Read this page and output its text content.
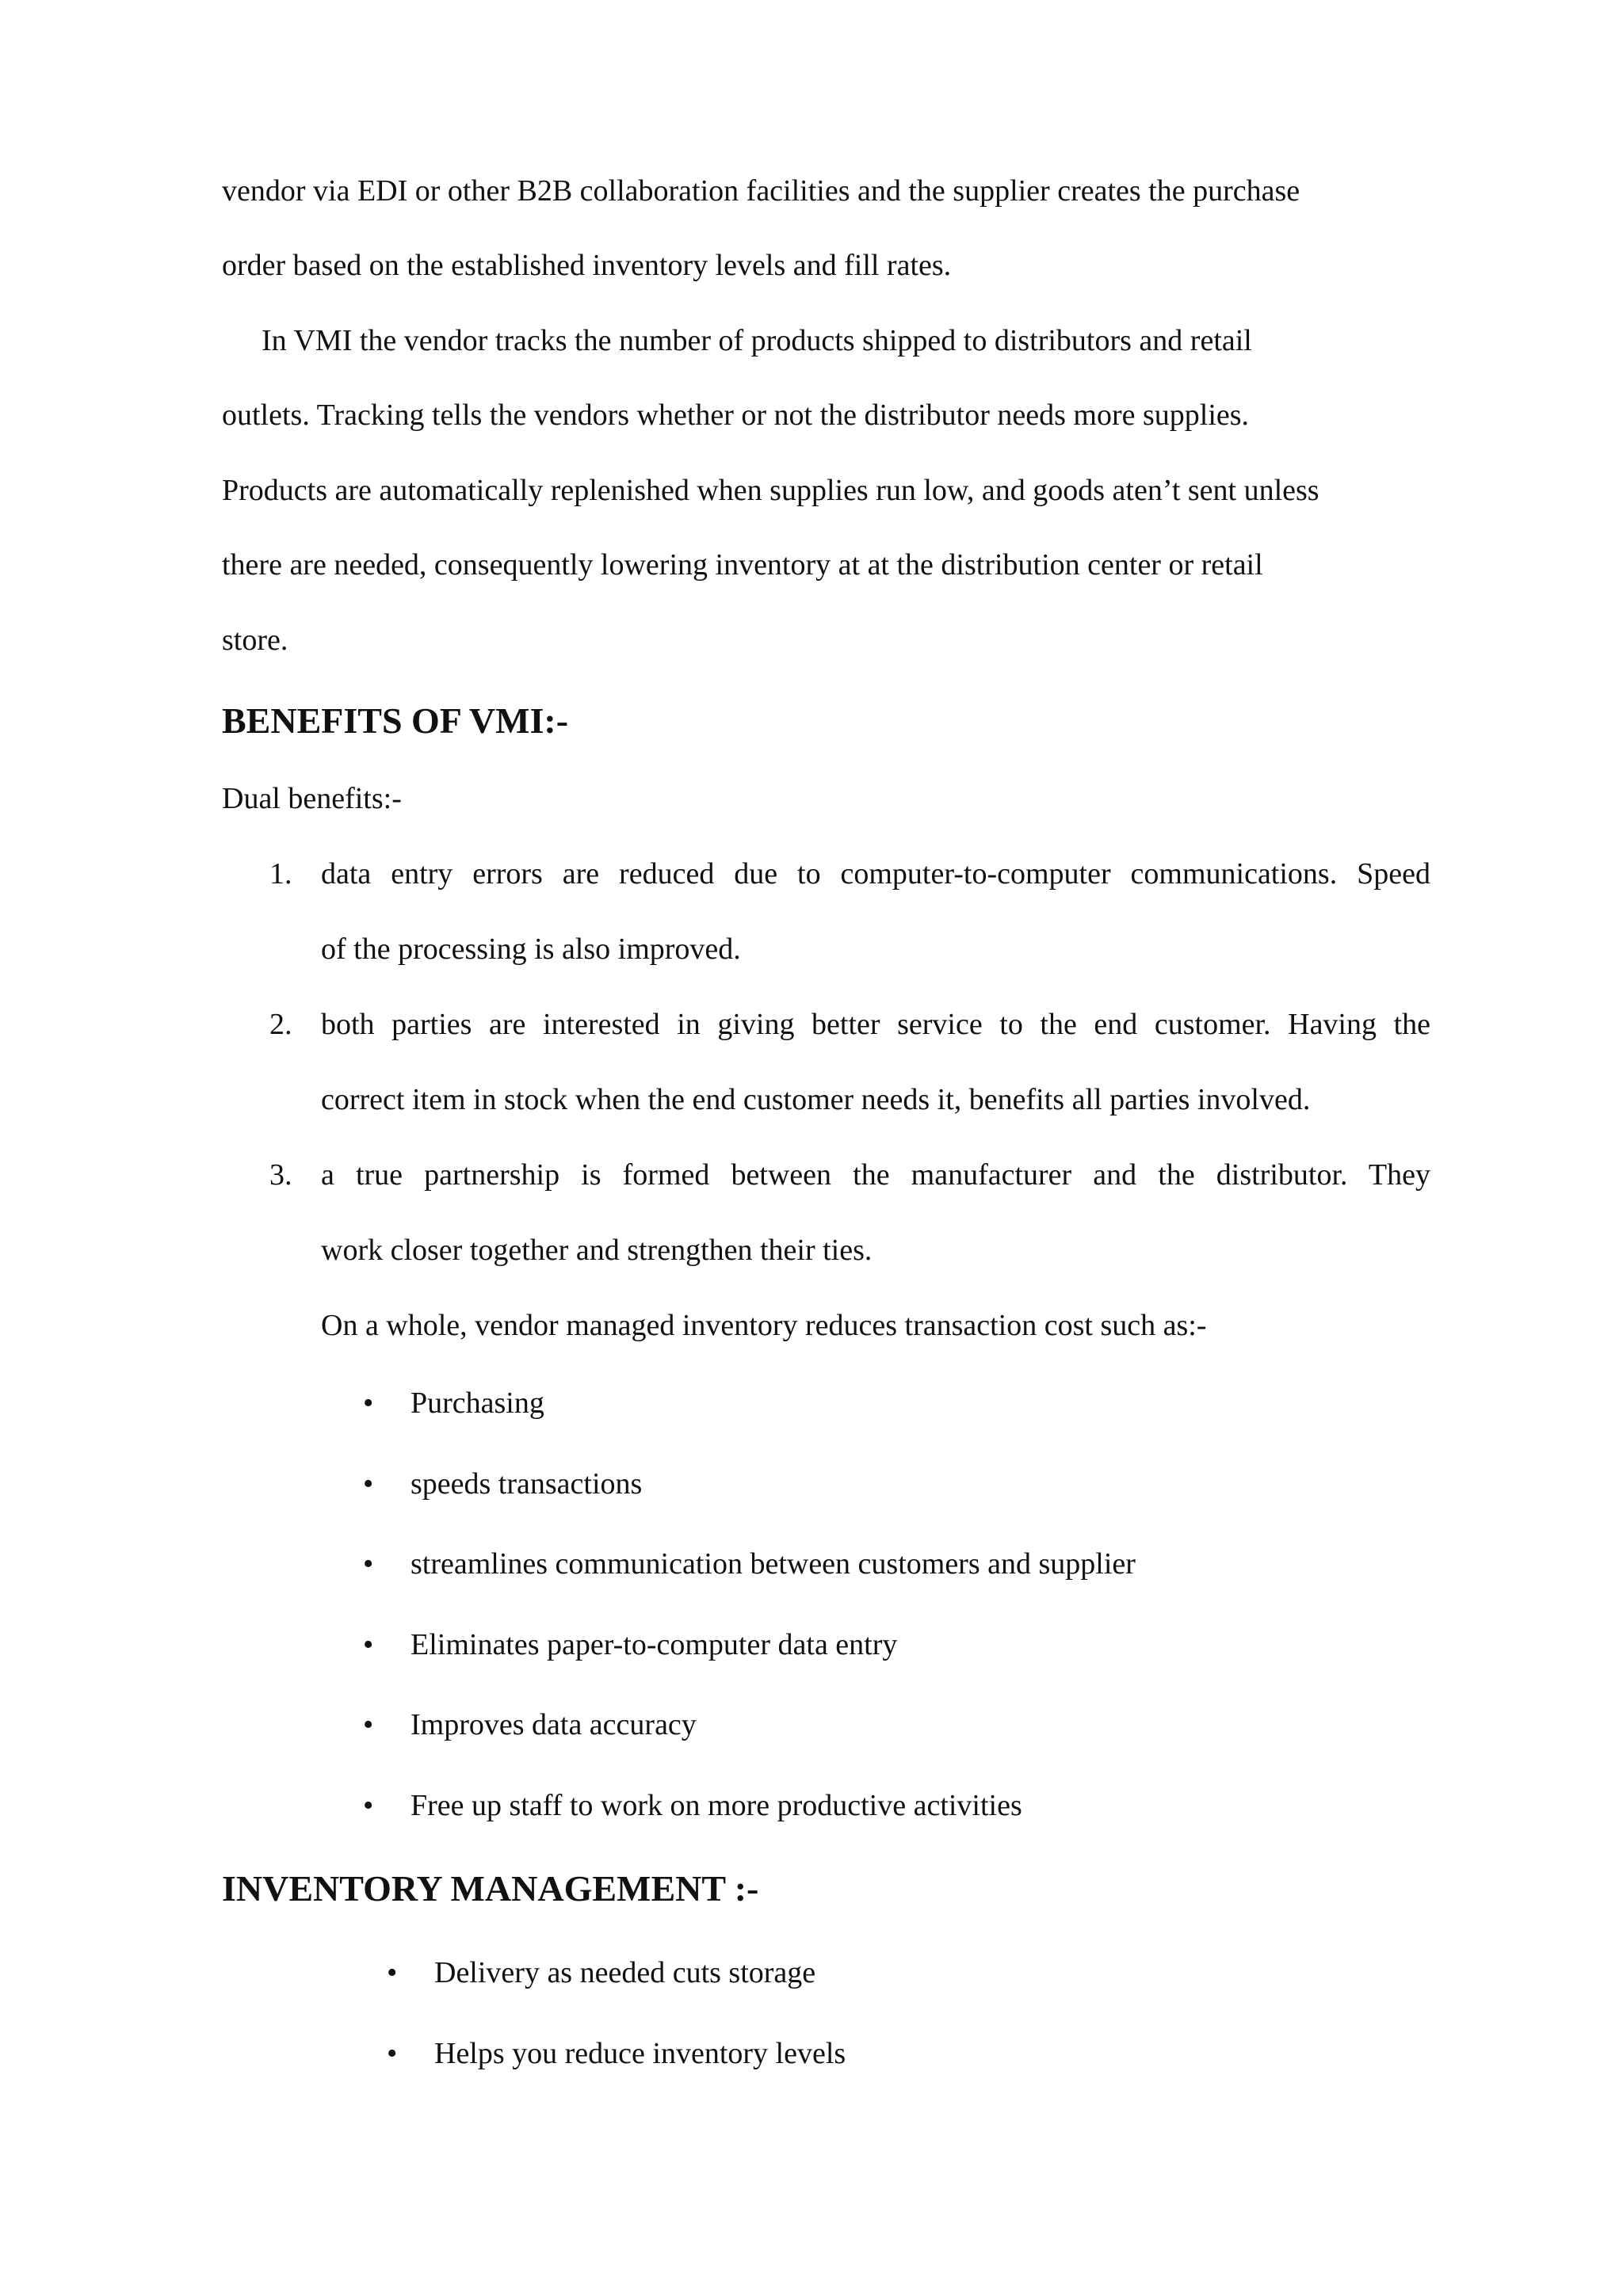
vendor via EDI or other B2B collaboration facilities and the supplier creates the purchase
order based on the established inventory levels and fill rates.
In VMI the vendor tracks the number of products shipped to distributors and retail
outlets. Tracking tells the vendors whether or not the distributor needs more supplies.
Products are automatically replenished when supplies run low, and goods aten’t sent unless
there are needed, consequently lowering inventory at at the distribution center or retail
store.
BENEFITS OF VMI:-
Dual benefits:-
1. data entry errors are reduced due to computer-to-computer communications. Speed
of the processing is also improved.
2. both parties are interested in giving better service to the end customer. Having the
correct item in stock when the end customer needs it, benefits all parties involved.
3. a true partnership is formed between the manufacturer and the distributor. They
work closer together and strengthen their ties.
On a whole, vendor managed inventory reduces transaction cost such as:-
• Purchasing
• speeds transactions
• streamlines communication between customers and supplier
• Eliminates paper-to-computer data entry
• Improves data accuracy
• Free up staff to work on more productive activities
INVENTORY MANAGEMENT :-
• Delivery as needed cuts storage
• Helps you reduce inventory levels
